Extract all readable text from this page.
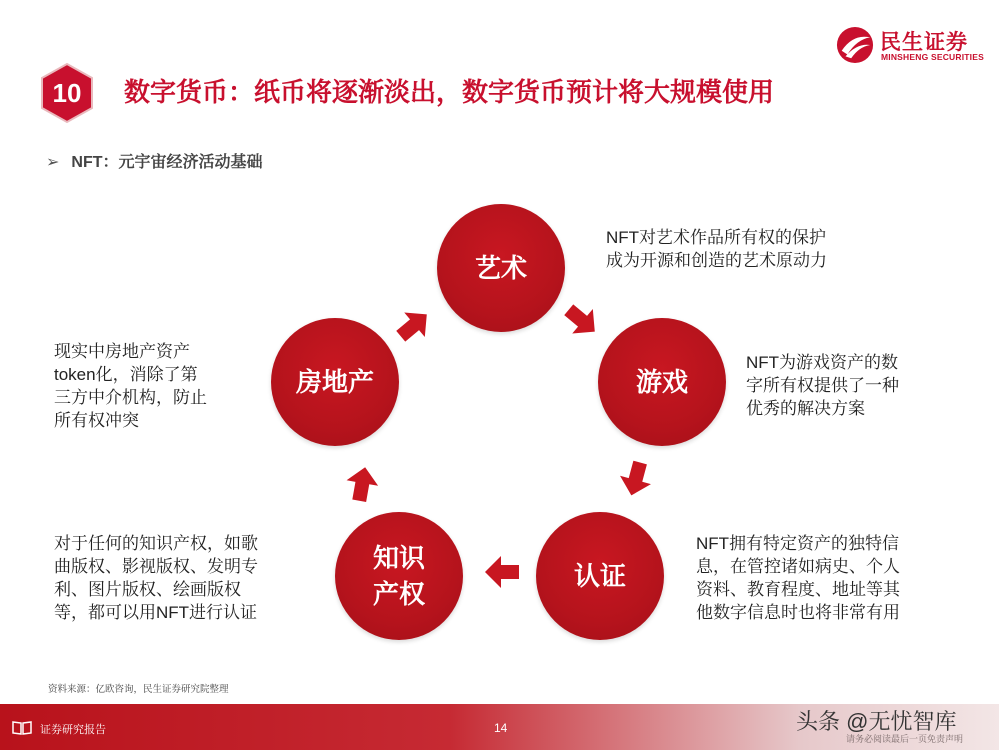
民生证券
MINSHENG SECURITIES
10	数字货币：纸币将逐渐淡出，数字货币预计将大规模使用
➢ NFT：元宇宙经济活动基础
艺术
游戏
认证
知识
产权
房地产
NFT对艺术作品所有权的保护
成为开源和创造的艺术原动力
NFT为游戏资产的数
字所有权提供了一种
优秀的解决方案
NFT拥有特定资产的独特信
息，在管控诸如病史、个人
资料、教育程度、地址等其
他数字信息时也将非常有用
对于任何的知识产权，如歌
曲版权、影视版权、发明专
利、图片版权、绘画版权
等，都可以用NFT进行认证
现实中房地产资产
token化，消除了第
三方中介机构，防止
所有权冲突
资料来源：亿欧咨询，民生证券研究院整理
证券研究报告	14
请务必阅读最后一页免责声明
头条 @无忧智库
